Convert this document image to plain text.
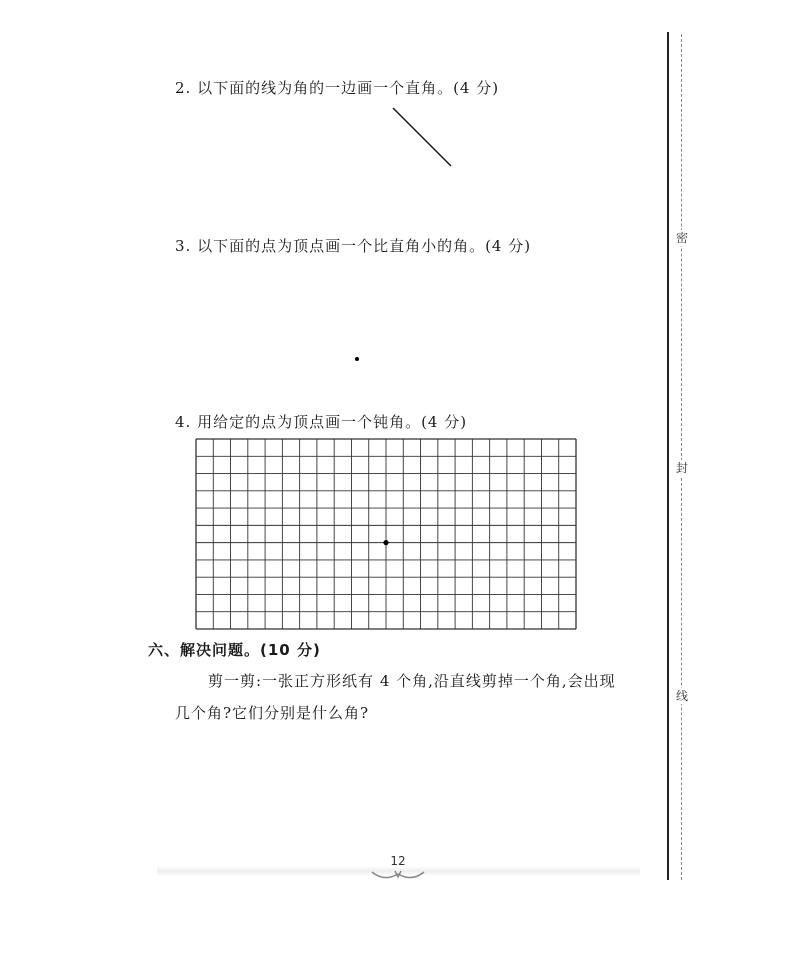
2. 以下面的线为角的一边画一个直角。(4 分)
3. 以下面的点为顶点画一个比直角小的角。(4 分)
4. 用给定的点为顶点画一个钝角。(4 分)
六、解决问题。(10 分)
剪一剪:一张正方形纸有 4 个角,沿直线剪掉一个角,会出现
几个角?它们分别是什么角?
密
封
线
12
